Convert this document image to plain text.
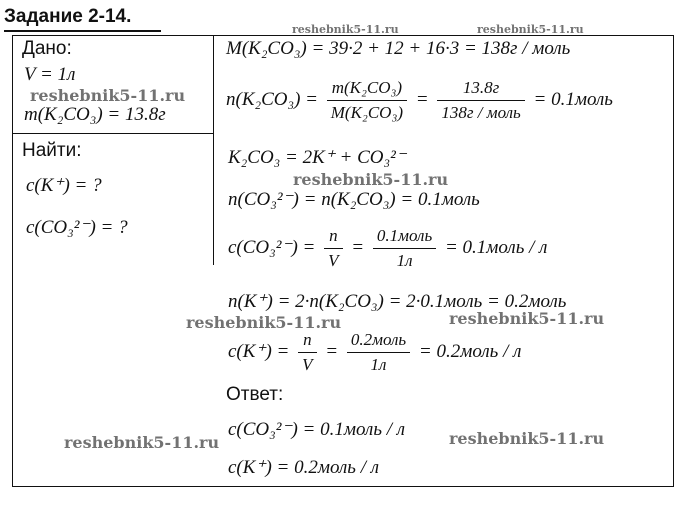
Задание 2-14.
Дано:
V = 1л
m(K₂CO₃) = 13.8г
Найти:
c(K⁺) = ?
c(CO₃²⁻) = ?
M(K₂CO₃) = 39·2 + 12 + 16·3 = 138г / моль
$n(K_2CO_3) = \frac{\text{m(K₂CO₃)}}{\text{M(K₂CO₃)}} = \frac{13.8г}{\text{138г / моль}}$ = 0.1моль
K₂CO₃ = 2K⁺ + CO₃²⁻
n(CO₃²⁻) = n(K₂CO₃) = 0.1моль
$c(CO_3^{2-}) = \frac{n}{V} = \frac{\text{0.1моль}}{1л}$ = 0.1моль / л
n(K⁺) = 2·n(K₂CO₃) = 2·0.1моль = 0.2моль
$c(K^+) = \frac{n}{V} = \frac{\text{0.2моль}}{1л}$ = 0.2моль / л
Ответ:
c(CO₃²⁻) = 0.1моль / л
c(K⁺) = 0.2моль / л
reshebnik5-11.ru	reshebnik5-11.ru
reshebnik5-11.ru
reshebnik5-11.ru
reshebnik5-11.ru	reshebnik5-11.ru
reshebnik5-11.ru	reshebnik5-11.ru
